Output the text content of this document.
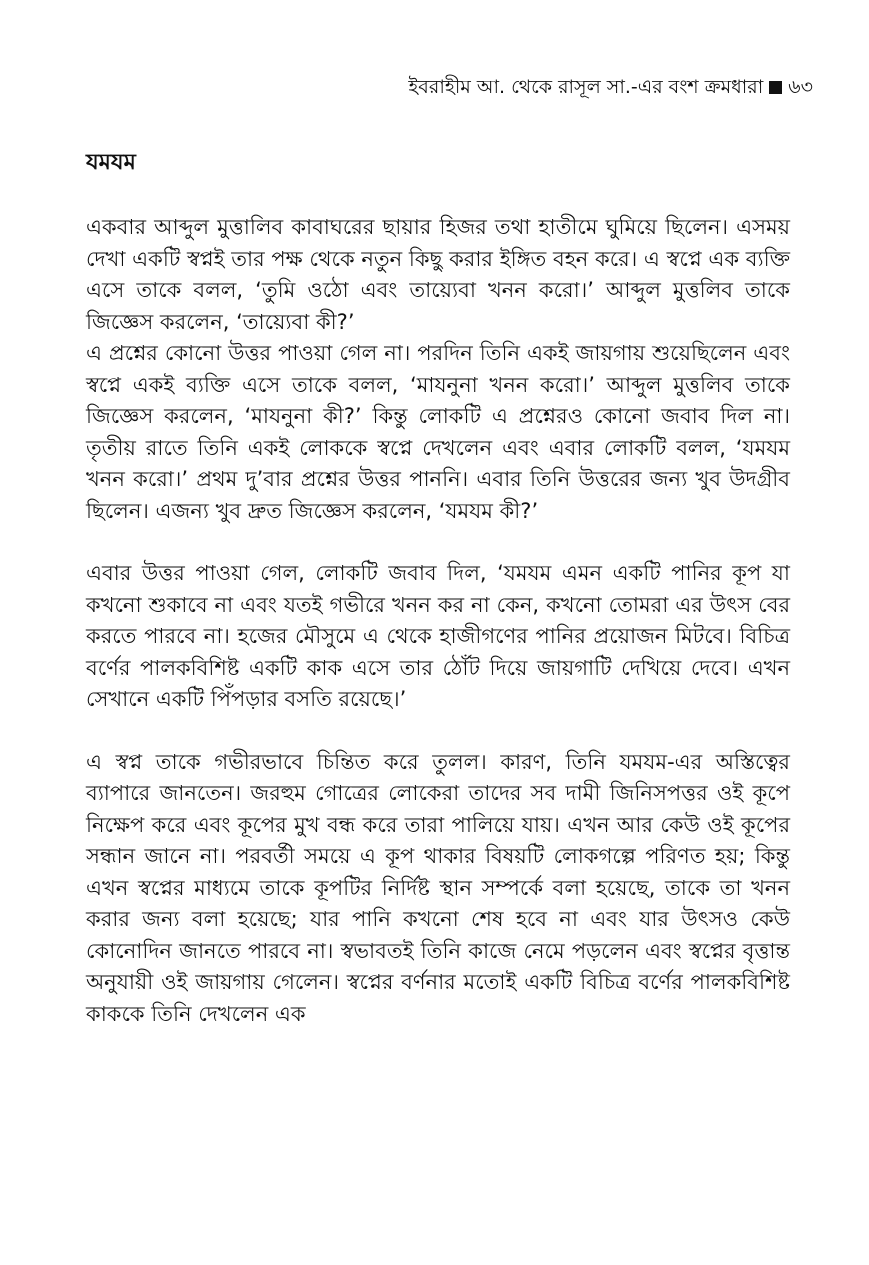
ইবরাহীম আ. থেকে রাসূল সা.-এর বংশ ক্রমধারা ৬৩
যমযম

একবার আব্দুল মুত্তালিব কাবাঘরের ছায়ার হিজর তথা হাতীমে ঘুমিয়ে ছিলেন। এসময় দেখা একটি স্বপ্নই তার পক্ষ থেকে নতুন কিছু করার ইঙ্গিত বহন করে। এ স্বপ্নে এক ব্যক্তি এসে তাকে বলল, ‘তুমি ওঠো এবং তায়্যেবা খনন করো।’ আব্দুল মুত্তলিব তাকে জিজ্ঞেস করলেন, ‘তায়্যেবা কী?’

এ প্রশ্নের কোনো উত্তর পাওয়া গেল না। পরদিন তিনি একই জায়গায় শুয়েছিলেন এবং স্বপ্নে একই ব্যক্তি এসে তাকে বলল, ‘মাযনুনা খনন করো।’ আব্দুল মুত্তলিব তাকে জিজ্ঞেস করলেন, ‘মাযনুনা কী?’ কিন্তু লোকটি এ প্রশ্নেরও কোনো জবাব দিল না। তৃতীয় রাতে তিনি একই লোককে স্বপ্নে দেখলেন এবং এবার লোকটি বলল, ‘যমযম খনন করো।’ প্রথম দু’বার প্রশ্নের উত্তর পাননি। এবার তিনি উত্তরের জন্য খুব উদগ্রীব ছিলেন। এজন্য খুব দ্রুত জিজ্ঞেস করলেন, ‘যমযম কী?’

এবার উত্তর পাওয়া গেল, লোকটি জবাব দিল, ‘যমযম এমন একটি পানির কূপ যা কখনো শুকাবে না এবং যতই গভীরে খনন কর না কেন, কখনো তোমরা এর উৎস বের করতে পারবে না। হজের মৌসুমে এ থেকে হাজীগণের পানির প্রয়োজন মিটবে। বিচিত্র বর্ণের পালকবিশিষ্ট একটি কাক এসে তার ঠোঁট দিয়ে জায়গাটি দেখিয়ে দেবে। এখন সেখানে একটি পিঁপড়ার বসতি রয়েছে।’

এ স্বপ্ন তাকে গভীরভাবে চিন্তিত করে তুলল। কারণ, তিনি যমযম-এর অস্তিত্বের ব্যাপারে জানতেন। জরহুম গোত্রের লোকেরা তাদের সব দামী জিনিসপত্তর ওই কূপে নিক্ষেপ করে এবং কূপের মুখ বন্ধ করে তারা পালিয়ে যায়। এখন আর কেউ ওই কূপের সন্ধান জানে না। পরবর্তী সময়ে এ কূপ থাকার বিষয়টি লোকগল্পে পরিণত হয়; কিন্তু এখন স্বপ্নের মাধ্যমে তাকে কূপটির নির্দিষ্ট স্থান সম্পর্কে বলা হয়েছে, তাকে তা খনন করার জন্য বলা হয়েছে; যার পানি কখনো শেষ হবে না এবং যার উৎসও কেউ কোনোদিন জানতে পারবে না। স্বভাবতই তিনি কাজে নেমে পড়লেন এবং স্বপ্নের বৃত্তান্ত অনুযায়ী ওই জায়গায় গেলেন। স্বপ্নের বর্ণনার মতোই একটি বিচিত্র বর্ণের পালকবিশিষ্ট কাককে তিনি দেখলেন এক
